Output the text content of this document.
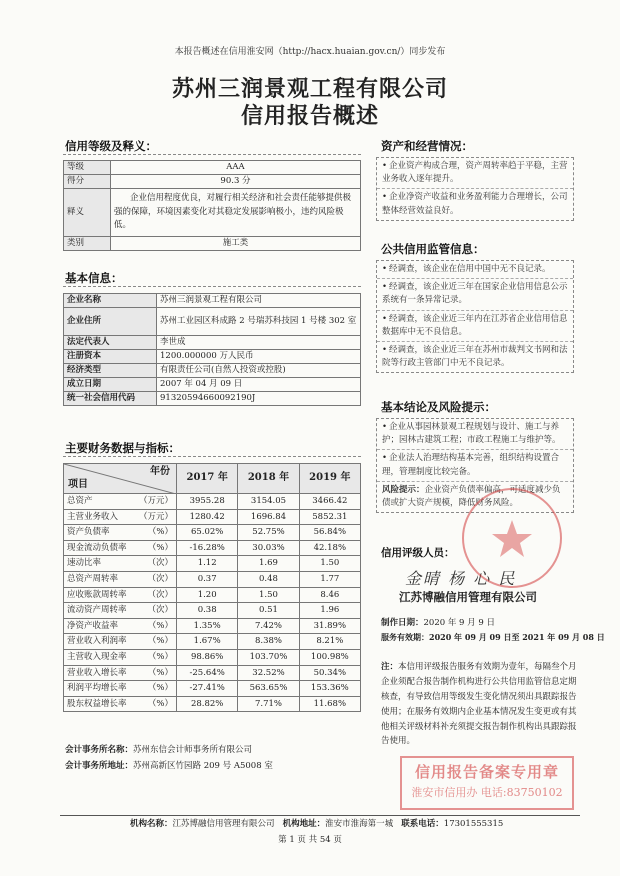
本报告概述在信用淮安网（http://hacx.huaian.gov.cn/）同步发布
苏州三润景观工程有限公司
信用报告概述
信用等级及释义：
等级	AAA
得分	90.3 分
释义	企业信用程度优良，对履行相关经济和社会责任能够提供极强的保障，环境因素变化对其稳定发展影响极小，违约风险极低。
类别	施工类
基本信息：
企业名称	苏州三润景观工程有限公司
企业住所	苏州工业园区科成路 2 号瑞苏科技园 1 号楼 302 室
法定代表人	李世成
注册资本	1200.000000 万人民币
经济类型	有限责任公司(自然人投资或控股)
成立日期	2007 年 04 月 09 日
统一社会信用代码	91320594660092190J
主要财务数据与指标：
年份
项目	2017 年	2018 年	2019 年
总资产 （万元）	3955.28	3154.05	3466.42
主营业务收入 （万元）	1280.42	1696.84	5852.31
资产负债率 （%）	65.02%	52.75%	56.84%
现金流动负债率 （%）	-16.28%	30.03%	42.18%
速动比率 （次）	1.12	1.69	1.50
总资产周转率 （次）	0.37	0.48	1.77
应收账款周转率 （次）	1.20	1.50	8.46
流动资产周转率 （次）	0.38	0.51	1.96
净资产收益率 （%）	1.35%	7.42%	31.89%
营业收入利润率 （%）	1.67%	8.38%	8.21%
主营收入现金率 （%）	98.86%	103.70%	100.98%
营业收入增长率 （%）	-25.64%	32.52%	50.34%
利润平均增长率 （%）	-27.41%	563.65%	153.36%
股东权益增长率 （%）	28.82%	7.71%	11.68%
会计事务所名称：苏州东信会计师事务所有限公司
会计事务所地址：苏州高新区竹园路 209 号 A5008 室
资产和经营情况：

• 企业资产构成合理，资产周转率趋于平稳，主营业务收入逐年提升。

• 企业净资产收益和业务盈利能力合理增长，公司整体经营效益良好。

公共信用监管信息：

• 经调查，该企业在信用中国中无不良记录。

• 经调查，该企业近三年在国家企业信用信息公示系统有一条异常记录。

• 经调查，该企业近三年内在江苏省企业信用信息数据库中无不良信息。

• 经调查，该企业近三年在苏州市裁判文书网和法院等行政主管部门中无不良记录。

基本结论及风险提示：

• 企业从事园林景观工程规划与设计、施工与养护；园林古建筑工程；市政工程施工与维护等。

• 企业法人治理结构基本完善，组织结构设置合理，管理制度比较完备。

风险提示：企业资产负债率偏高，可适度减少负债或扩大资产规模，降低财务风险。

信用评级人员：
金晴 杨 心 民
江苏博融信用管理有限公司
制作日期：2020 年 9 月 9 日
服务有效期：2020 年 09 月 09 日至 2021 年 09 月 08 日
注：本信用评级报告服务有效期为壹年，每隔叁个月企业须配合报告制作机构进行公共信用监管信息定期核查，有导致信用等级发生变化情况须出具跟踪报告使用；在服务有效期内企业基本情况发生变更或有其他相关评级材料补充须提交报告制作机构出具跟踪报告使用。
信用报告备案专用章
淮安市信用办 电话:83750102
机构名称：江苏博融信用管理有限公司 机构地址：淮安市淮海第一城 联系电话：17301555315
第 1 页 共 54 页
